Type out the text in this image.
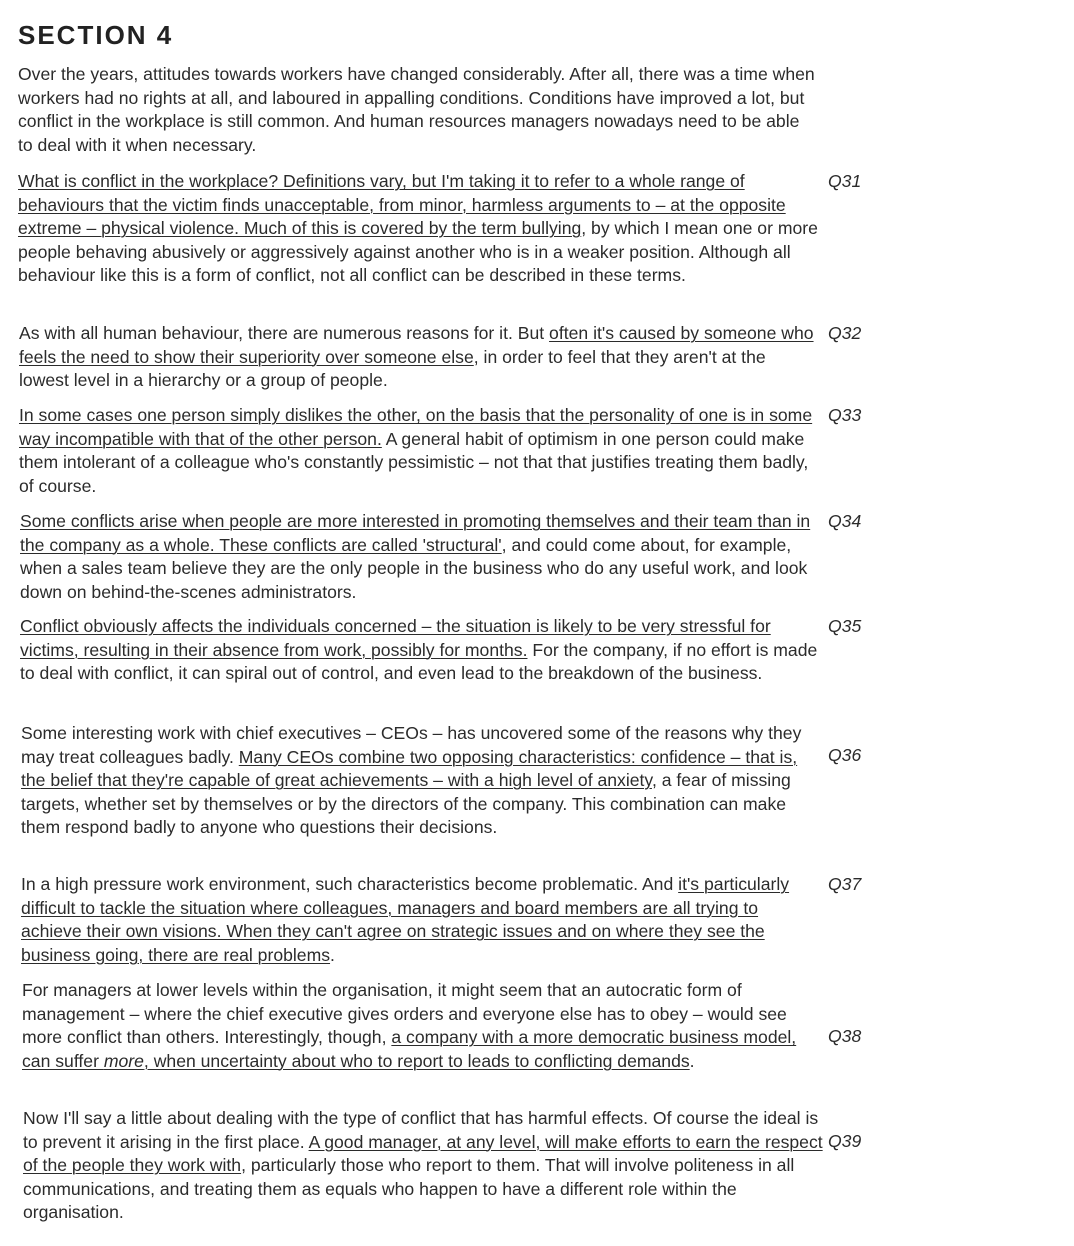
SECTION 4
Over the years, attitudes towards workers have changed considerably. After all, there was a time when workers had no rights at all, and laboured in appalling conditions. Conditions have improved a lot, but conflict in the workplace is still common. And human resources managers nowadays need to be able to deal with it when necessary.
What is conflict in the workplace? Definitions vary, but I'm taking it to refer to a whole range of behaviours that the victim finds unacceptable, from minor, harmless arguments to – at the opposite extreme – physical violence. Much of this is covered by the term bullying, by which I mean one or more people behaving abusively or aggressively against another who is in a weaker position. Although all behaviour like this is a form of conflict, not all conflict can be described in these terms.
Q31
As with all human behaviour, there are numerous reasons for it. But often it's caused by someone who feels the need to show their superiority over someone else, in order to feel that they aren't at the lowest level in a hierarchy or a group of people.
Q32
In some cases one person simply dislikes the other, on the basis that the personality of one is in some way incompatible with that of the other person. A general habit of optimism in one person could make them intolerant of a colleague who's constantly pessimistic – not that that justifies treating them badly, of course.
Q33
Some conflicts arise when people are more interested in promoting themselves and their team than in the company as a whole. These conflicts are called 'structural', and could come about, for example, when a sales team believe they are the only people in the business who do any useful work, and look down on behind-the-scenes administrators.
Q34
Conflict obviously affects the individuals concerned – the situation is likely to be very stressful for victims, resulting in their absence from work, possibly for months. For the company, if no effort is made to deal with conflict, it can spiral out of control, and even lead to the breakdown of the business.
Q35
Some interesting work with chief executives – CEOs – has uncovered some of the reasons why they may treat colleagues badly. Many CEOs combine two opposing characteristics: confidence – that is, the belief that they're capable of great achievements – with a high level of anxiety, a fear of missing targets, whether set by themselves or by the directors of the company. This combination can make them respond badly to anyone who questions their decisions.
Q36
In a high pressure work environment, such characteristics become problematic. And it's particularly difficult to tackle the situation where colleagues, managers and board members are all trying to achieve their own visions. When they can't agree on strategic issues and on where they see the business going, there are real problems.
Q37
For managers at lower levels within the organisation, it might seem that an autocratic form of management – where the chief executive gives orders and everyone else has to obey – would see more conflict than others. Interestingly, though, a company with a more democratic business model, can suffer more, when uncertainty about who to report to leads to conflicting demands.
Q38
Now I'll say a little about dealing with the type of conflict that has harmful effects. Of course the ideal is to prevent it arising in the first place. A good manager, at any level, will make efforts to earn the respect of the people they work with, particularly those who report to them. That will involve politeness in all communications, and treating them as equals who happen to have a different role within the organisation.
Q39
